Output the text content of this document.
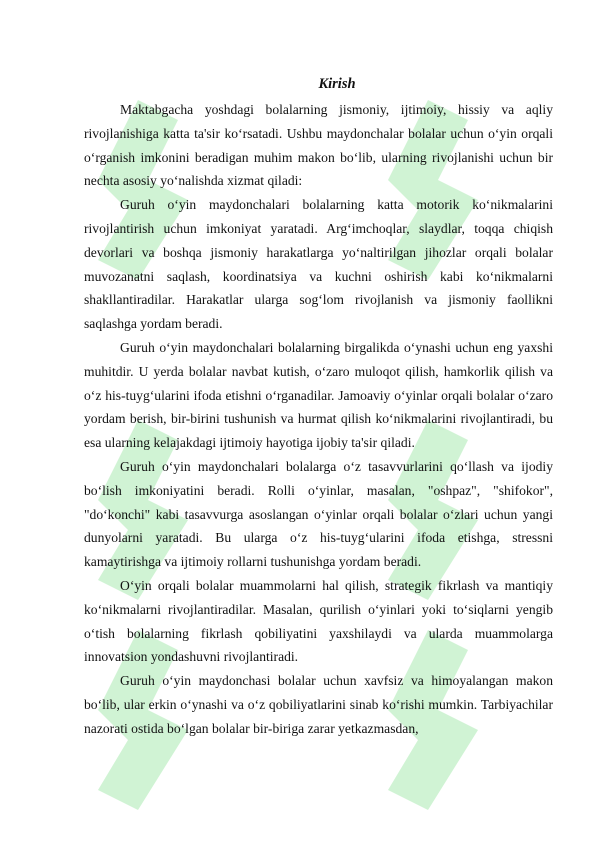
Kirish

Maktabgacha yoshdagi bolalarning jismoniy, ijtimoiy, hissiy va aqliy rivojlanishiga katta ta'sir ko‘rsatadi. Ushbu maydonchalar bolalar uchun o‘yin orqali o‘rganish imkonini beradigan muhim makon bo‘lib, ularning rivojlanishi uchun bir nechta asosiy yo‘nalishda xizmat qiladi:

Guruh o‘yin maydonchalari bolalarning katta motorik ko‘nikmalarini rivojlantirish uchun imkoniyat yaratadi. Arg‘imchoqlar, slaydlar, toqqa chiqish devorlari va boshqa jismoniy harakatlarga yo‘naltirilgan jihozlar orqali bolalar muvozanatni saqlash, koordinatsiya va kuchni oshirish kabi ko‘nikmalarni shakllantiradilar. Harakatlar ularga sog‘lom rivojlanish va jismoniy faollikni saqlashga yordam beradi.

Guruh o‘yin maydonchalari bolalarning birgalikda o‘ynashi uchun eng yaxshi muhitdir. U yerda bolalar navbat kutish, o‘zaro muloqot qilish, hamkorlik qilish va o‘z his-tuyg‘ularini ifoda etishni o‘rganadilar. Jamoaviy o‘yinlar orqali bolalar o‘zaro yordam berish, bir-birini tushunish va hurmat qilish ko‘nikmalarini rivojlantiradi, bu esa ularning kelajakdagi ijtimoiy hayotiga ijobiy ta'sir qiladi.

Guruh o‘yin maydonchalari bolalarga o‘z tasavvurlarini qo‘llash va ijodiy bo‘lish imkoniyatini beradi. Rolli o‘yinlar, masalan, "oshpaz", "shifokor", "do‘konchi" kabi tasavvurga asoslangan o‘yinlar orqali bolalar o‘zlari uchun yangi dunyolarni yaratadi. Bu ularga o‘z his-tuyg‘ularini ifoda etishga, stressni kamaytirishga va ijtimoiy rollarni tushunishga yordam beradi.

O‘yin orqali bolalar muammolarni hal qilish, strategik fikrlash va mantiqiy ko‘nikmalarni rivojlantiradilar. Masalan, qurilish o‘yinlari yoki to‘siqlarni yengib o‘tish bolalarning fikrlash qobiliyatini yaxshilaydi va ularda muammolarga innovatsion yondashuvni rivojlantiradi.

Guruh o‘yin maydonchasi bolalar uchun xavfsiz va himoyalangan makon bo‘lib, ular erkin o‘ynashi va o‘z qobiliyatlarini sinab ko‘rishi mumkin. Tarbiyachilar nazorati ostida bo‘lgan bolalar bir-biriga zarar yetkazmasdan,
